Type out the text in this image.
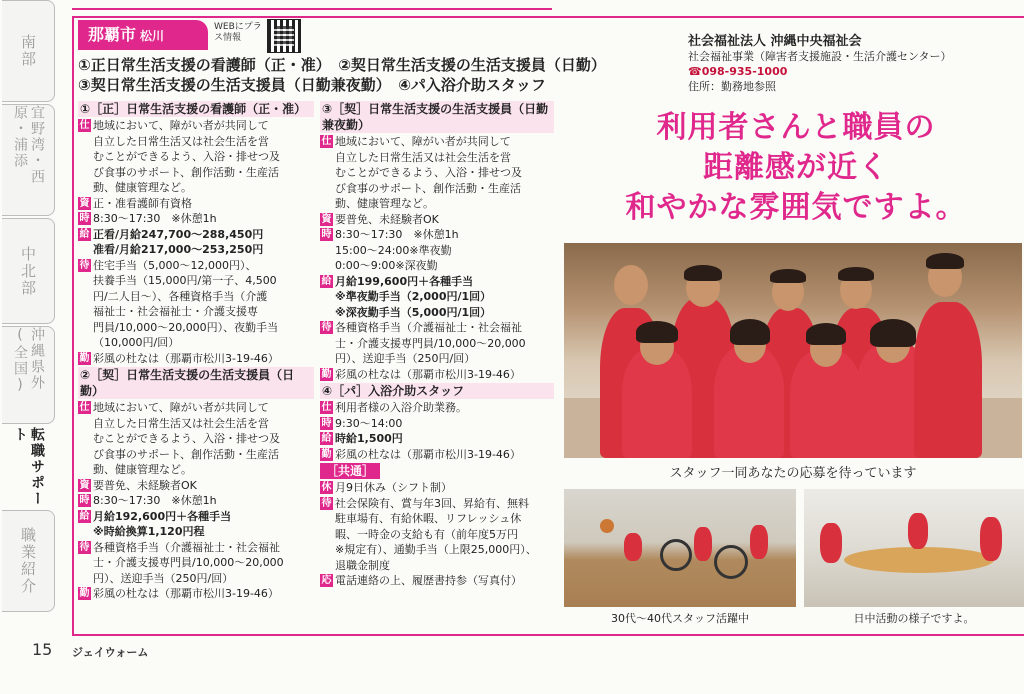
南部
宜野湾・西原・浦添
中北部
沖縄県外(全国)
転職サポート
職業紹介
15 ジェイウォーム
那覇市 松川
WEBにプラス情報
①正日常生活支援の看護師（正・准）　②契日常生活支援の生活支援員（日勤）
③契日常生活支援の生活支援員（日勤兼夜勤）　④パ入浴介助スタッフ
社会福祉法人 沖縄中央福祉会
社会福祉事業（障害者支援施設・生活介護センター）
☎098-935-1000
住所：勤務地参照
①［正］日常生活支援の看護師（正・准）
仕 地域において、障がい者が共同して
自立した日常生活又は社会生活を営
むことができるよう、入浴・排せつ及
び食事のサポート、創作活動・生産活
動、健康管理など。
資 正・准看護師有資格
時 8:30〜17:30　※休憩1h
給 正看/月給247,700〜288,450円
准看/月給217,000〜253,250円
待 住宅手当（5,000〜12,000円）、
扶養手当（15,000円/第一子、4,500
円/二人目〜）、各種資格手当（介護
福祉士・社会福祉士・介護支援専
門員/10,000〜20,000円）、夜勤手当
（10,000円/回）
勤 彩風の杜なは（那覇市松川3-19-46）
②［契］日常生活支援の生活支援員（日勤）
仕 地域において、障がい者が共同して
自立した日常生活又は社会生活を営
むことができるよう、入浴・排せつ及
び食事のサポート、創作活動・生産活
動、健康管理など。
資 要普免、未経験者OK
時 8:30〜17:30　※休憩1h
給 月給192,600円＋各種手当
※時給換算1,120円程
待 各種資格手当（介護福祉士・社会福祉
士・介護支援専門員/10,000〜20,000
円）、送迎手当（250円/回）
勤 彩風の杜なは（那覇市松川3-19-46）
③［契］日常生活支援の生活支援員（日勤兼夜勤）
仕 地域において、障がい者が共同して
自立した日常生活又は社会生活を営
むことができるよう、入浴・排せつ及
び食事のサポート、創作活動・生産活
動、健康管理など。
資 要普免、未経験者OK
時 8:30〜17:30　※休憩1h
15:00〜24:00※準夜勤
0:00〜9:00※深夜勤
給 月給199,600円＋各種手当
※準夜勤手当（2,000円/1回）
※深夜勤手当（5,000円/1回）
待 各種資格手当（介護福祉士・社会福祉
士・介護支援専門員/10,000〜20,000
円）、送迎手当（250円/回）
勤 彩風の杜なは（那覇市松川3-19-46）
④［パ］入浴介助スタッフ
仕 利用者様の入浴介助業務。
時 9:30〜14:00
給 時給1,500円
勤 彩風の杜なは（那覇市松川3-19-46）
［共通］
休 月9日休み（シフト制）
待 社会保険有、賞与年3回、昇給有、無料
駐車場有、有給休暇、リフレッシュ休
暇、一時金の支給も有（前年度5万円
※規定有）、通勤手当（上限25,000円）、
退職金制度
応 電話連絡の上、履歴書持参（写真付）
利用者さんと職員の
距離感が近く
和やかな雰囲気ですよ。
スタッフ一同あなたの応募を待っています
30代〜40代スタッフ活躍中	日中活動の様子ですよ。
